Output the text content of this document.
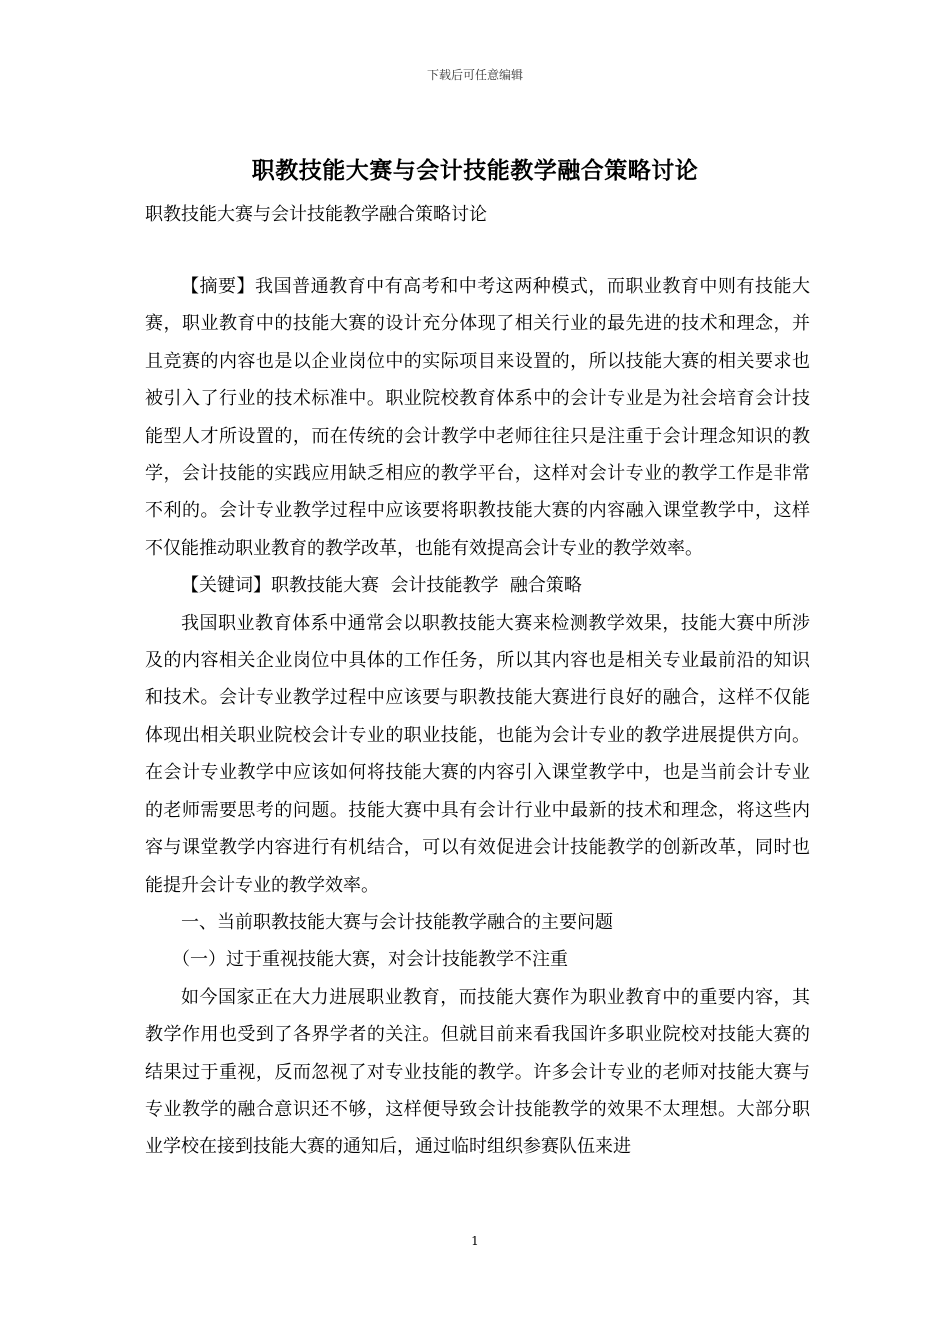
下载后可任意编辑
职教技能大赛与会计技能教学融合策略讨论
职教技能大赛与会计技能教学融合策略讨论

【摘要】我国普通教育中有高考和中考这两种模式，而职业教育中则有技能大赛，职业教育中的技能大赛的设计充分体现了相关行业的最先进的技术和理念，并且竞赛的内容也是以企业岗位中的实际项目来设置的，所以技能大赛的相关要求也被引入了行业的技术标准中。职业院校教育体系中的会计专业是为社会培育会计技能型人才所设置的，而在传统的会计教学中老师往往只是注重于会计理念知识的教学，会计技能的实践应用缺乏相应的教学平台，这样对会计专业的教学工作是非常不利的。会计专业教学过程中应该要将职教技能大赛的内容融入课堂教学中，这样不仅能推动职业教育的教学改革，也能有效提高会计专业的教学效率。

【关键词】职教技能大赛  会计技能教学  融合策略

我国职业教育体系中通常会以职教技能大赛来检测教学效果，技能大赛中所涉及的内容相关企业岗位中具体的工作任务，所以其内容也是相关专业最前沿的知识和技术。会计专业教学过程中应该要与职教技能大赛进行良好的融合，这样不仅能体现出相关职业院校会计专业的职业技能，也能为会计专业的教学进展提供方向。在会计专业教学中应该如何将技能大赛的内容引入课堂教学中，也是当前会计专业的老师需要思考的问题。技能大赛中具有会计行业中最新的技术和理念，将这些内容与课堂教学内容进行有机结合，可以有效促进会计技能教学的创新改革，同时也能提升会计专业的教学效率。

一、当前职教技能大赛与会计技能教学融合的主要问题

（一）过于重视技能大赛，对会计技能教学不注重

如今国家正在大力进展职业教育，而技能大赛作为职业教育中的重要内容，其教学作用也受到了各界学者的关注。但就目前来看我国许多职业院校对技能大赛的结果过于重视，反而忽视了对专业技能的教学。许多会计专业的老师对技能大赛与专业教学的融合意识还不够，这样便导致会计技能教学的效果不太理想。大部分职业学校在接到技能大赛的通知后，通过临时组织参赛队伍来进

1
